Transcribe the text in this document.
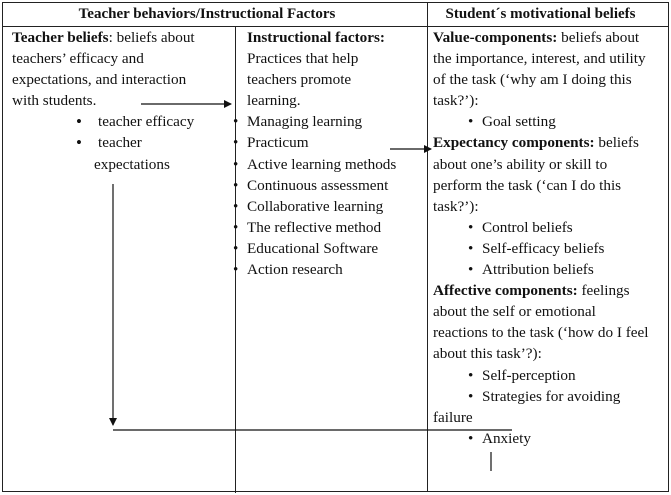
Teacher behaviors/Instructional Factors	Student´s motivational beliefs

Teacher beliefs: beliefs about

teachers’ efficacy and

expectations, and interaction

with students.

• teacher efficacy
• teacher
expectations

Instructional factors:

Practices that help

teachers promote

learning.

• Managing learning
• Practicum
• Active learning methods
• Continuous assessment
• Collaborative learning
• The reflective method
• Educational Software
• Action research

Value-components: beliefs about

the importance, interest, and utility

of the task (‘why am I doing this

task?’):

• Goal setting

Expectancy components: beliefs

about one’s ability or skill to

perform the task (‘can I do this

task?’):

• Control beliefs
• Self-efficacy beliefs
• Attribution beliefs

Affective components: feelings

about the self or emotional

reactions to the task (‘how do I feel

about this task’?):

• Self-perception
• Strategies for avoiding

failure

• Anxiety
